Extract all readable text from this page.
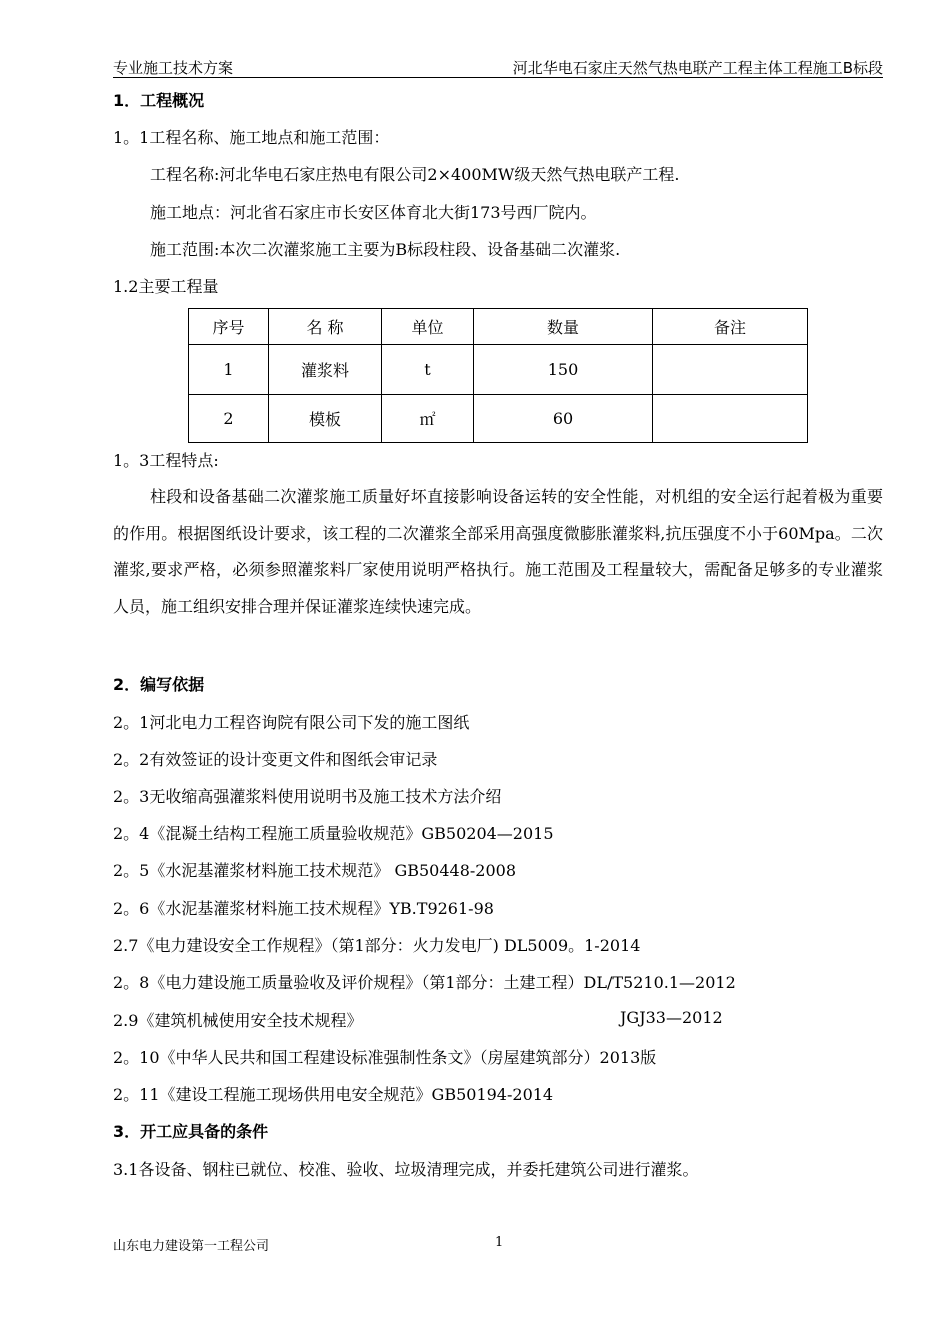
专业施工技术方案	河北华电石家庄天然气热电联产工程主体工程施工B标段
1．工程概况
1。1工程名称、施工地点和施工范围：
工程名称:河北华电石家庄热电有限公司2×400MW级天然气热电联产工程.
施工地点：河北省石家庄市长安区体育北大街173号西厂院内。
施工范围:本次二次灌浆施工主要为B标段柱段、设备基础二次灌浆.
1.2主要工程量
序号	名 称	单位	数量	备注
1	灌浆料	t	150	
2	模板	㎡	60	
1。3工程特点:
柱段和设备基础二次灌浆施工质量好坏直接影响设备运转的安全性能，对机组的安全运行起着极为重要的作用。根据图纸设计要求，该工程的二次灌浆全部采用高强度微膨胀灌浆料,抗压强度不小于60Mpa。二次灌浆,要求严格，必须参照灌浆料厂家使用说明严格执行。施工范围及工程量较大，需配备足够多的专业灌浆人员，施工组织安排合理并保证灌浆连续快速完成。
2．编写依据
2。1河北电力工程咨询院有限公司下发的施工图纸
2。2有效签证的设计变更文件和图纸会审记录
2。3无收缩高强灌浆料使用说明书及施工技术方法介绍
2。4《混凝土结构工程施工质量验收规范》GB50204—2015
2。5《水泥基灌浆材料施工技术规范》 GB50448-2008
2。6《水泥基灌浆材料施工技术规程》YB.T9261-98
2.7《电力建设安全工作规程》（第1部分：火力发电厂) DL5009。1-2014
2。8《电力建设施工质量验收及评价规程》（第1部分：土建工程）DL/T5210.1—2012
2.9《建筑机械使用安全技术规程》	JGJ33—2012
2。10《中华人民共和国工程建设标准强制性条文》（房屋建筑部分）2013版
2。11《建设工程施工现场供用电安全规范》GB50194-2014
3．开工应具备的条件
3.1各设备、钢柱已就位、校准、验收、垃圾清理完成，并委托建筑公司进行灌浆。
山东电力建设第一工程公司	1
